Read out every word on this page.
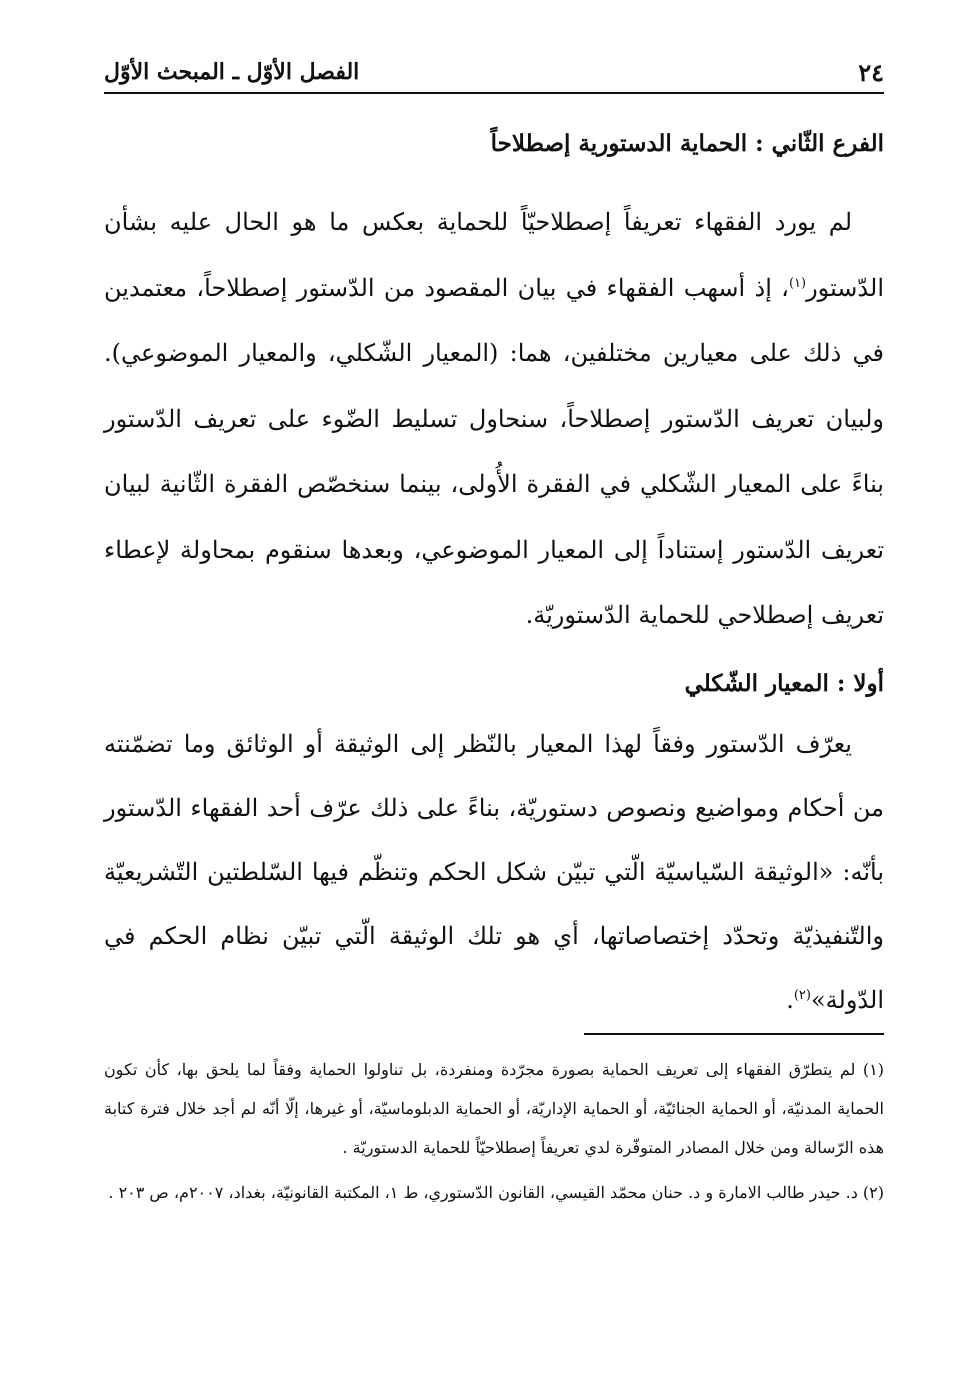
٢٤
الفصل الأوّل ـ المبحث الأوّل
الفرع الثّاني : الحماية الدستورية إصطلاحاً

لم يورد الفقهاء تعريفاً إصطلاحيّاً للحماية بعكس ما هو الحال عليه بشأن الدّستور$^{(١)}$، إذ أسهب الفقهاء في بيان المقصود من الدّستور إصطلاحاً، معتمدين في ذلك على معيارين مختلفين، هما: (المعيار الشّكلي، والمعيار الموضوعي). ولبيان تعريف الدّستور إصطلاحاً، سنحاول تسليط الضّوء على تعريف الدّستور بناءً على المعيار الشّكلي في الفقرة الأُولى، بينما سنخصّص الفقرة الثّانية لبيان تعريف الدّستور إستناداً إلى المعيار الموضوعي، وبعدها سنقوم بمحاولة لإعطاء تعريف إصطلاحي للحماية الدّستوريّة.

أولا : المعيار الشّكلي

يعرّف الدّستور وفقاً لهذا المعيار بالنّظر إلى الوثيقة أو الوثائق وما تضمّنته من أحكام ومواضيع ونصوص دستوريّة، بناءً على ذلك عرّف أحد الفقهاء الدّستور بأنّه: «الوثيقة السّياسيّة الّتي تبيّن شكل الحكم وتنظّم فيها السّلطتين التّشريعيّة والتّنفيذيّة وتحدّد إختصاصاتها، أي هو تلك الوثيقة الّتي تبيّن نظام الحكم في الدّولة»$^{(٢)}$.

(١) لم يتطرّق الفقهاء إلى تعريف الحماية بصورة مجرّدة ومنفردة، بل تناولوا الحماية وفقاً لما يلحق بها، كأن تكون الحماية المدنيّة، أو الحماية الجنائيّة، أو الحماية الإداريّة، أو الحماية الدبلوماسيّة، أو غيرها، إلّا أنّه لم أجد خلال فترة كتابة هذه الرّسالة ومن خلال المصادر المتوفّرة لدي تعريفاً إصطلاحيّاً للحماية الدستوريّة .

(٢) د. حيدر طالب الامارة و د. حنان محمّد القيسي، القانون الدّستوري، ط ١، المكتبة القانونيّة، بغداد، ٢٠٠٧م، ص ٢٠٣ .
